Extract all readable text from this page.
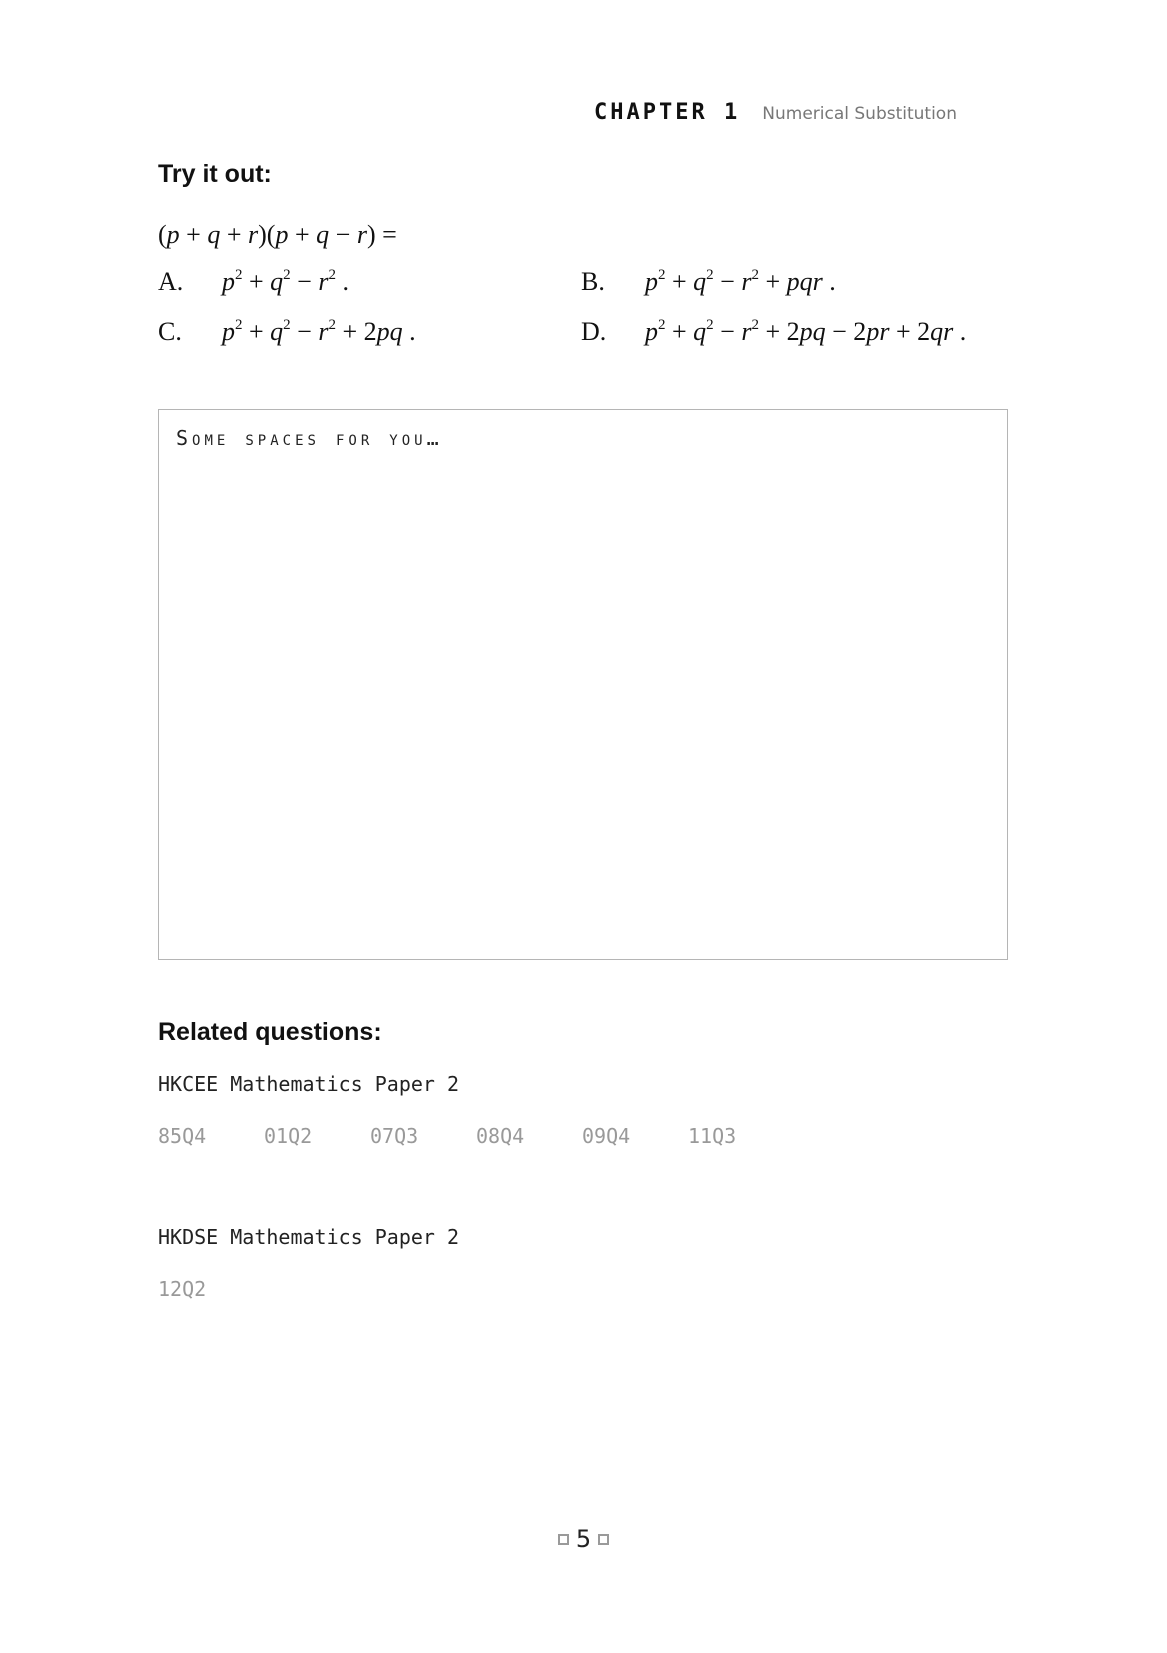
CHAPTER 1 Numerical Substitution
Try it out:
(p + q + r)(p + q − r) =
A. $p^2 + q^2 - r^2$ .	B. $p^2 + q^2 - r^2$ + pqr .
C. $p^2 + q^2 - r^2 + 2pq$ .	D. $p^2 + q^2 - r^2 + 2pq - 2pr + 2qr$ .
Some spaces for you…
Related questions:
HKCEE Mathematics Paper 2
85Q4	01Q2	07Q3	08Q4	09Q4	11Q3
HKDSE Mathematics Paper 2
12Q2
5
